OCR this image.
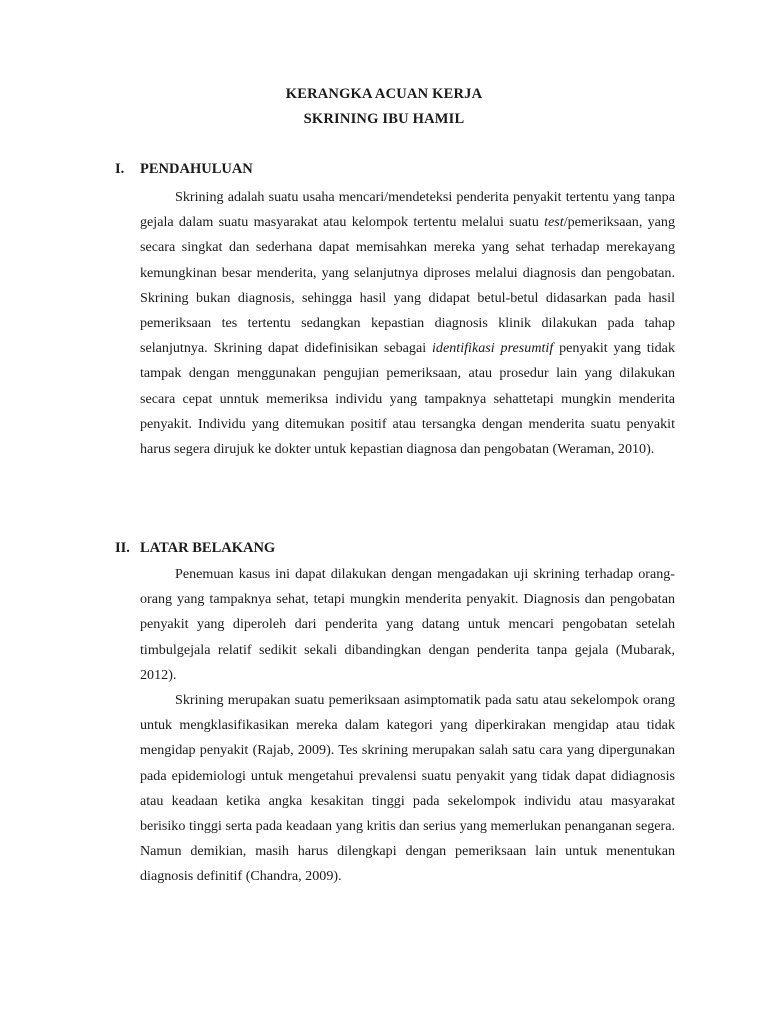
KERANGKA ACUAN KERJA
SKRINING IBU HAMIL
I. PENDAHULUAN

Skrining adalah suatu usaha mencari/mendeteksi penderita penyakit tertentu yang tanpa gejala dalam suatu masyarakat atau kelompok tertentu melalui suatu test/pemeriksaan, yang secara singkat dan sederhana dapat memisahkan mereka yang sehat terhadap merekayang kemungkinan besar menderita, yang selanjutnya diproses melalui diagnosis dan pengobatan. Skrining bukan diagnosis, sehingga hasil yang didapat betul-betul didasarkan pada hasil pemeriksaan tes tertentu sedangkan kepastian diagnosis klinik dilakukan pada tahap selanjutnya. Skrining dapat didefinisikan sebagai identifikasi presumtif penyakit yang tidak tampak dengan menggunakan pengujian pemeriksaan, atau prosedur lain yang dilakukan secara cepat unntuk memeriksa individu yang tampaknya sehattetapi mungkin menderita penyakit. Individu yang ditemukan positif atau tersangka dengan menderita suatu penyakit harus segera dirujuk ke dokter untuk kepastian diagnosa dan pengobatan (Weraman, 2010).

II. LATAR BELAKANG

Penemuan kasus ini dapat dilakukan dengan mengadakan uji skrining terhadap orang-orang yang tampaknya sehat, tetapi mungkin menderita penyakit. Diagnosis dan pengobatan penyakit yang diperoleh dari penderita yang datang untuk mencari pengobatan setelah timbulgejala relatif sedikit sekali dibandingkan dengan penderita tanpa gejala (Mubarak, 2012).

Skrining merupakan suatu pemeriksaan asimptomatik pada satu atau sekelompok orang untuk mengklasifikasikan mereka dalam kategori yang diperkirakan mengidap atau tidak mengidap penyakit (Rajab, 2009). Tes skrining merupakan salah satu cara yang dipergunakan pada epidemiologi untuk mengetahui prevalensi suatu penyakit yang tidak dapat didiagnosis atau keadaan ketika angka kesakitan tinggi pada sekelompok individu atau masyarakat berisiko tinggi serta pada keadaan yang kritis dan serius yang memerlukan penanganan segera. Namun demikian, masih harus dilengkapi dengan pemeriksaan lain untuk menentukan diagnosis definitif (Chandra, 2009).
